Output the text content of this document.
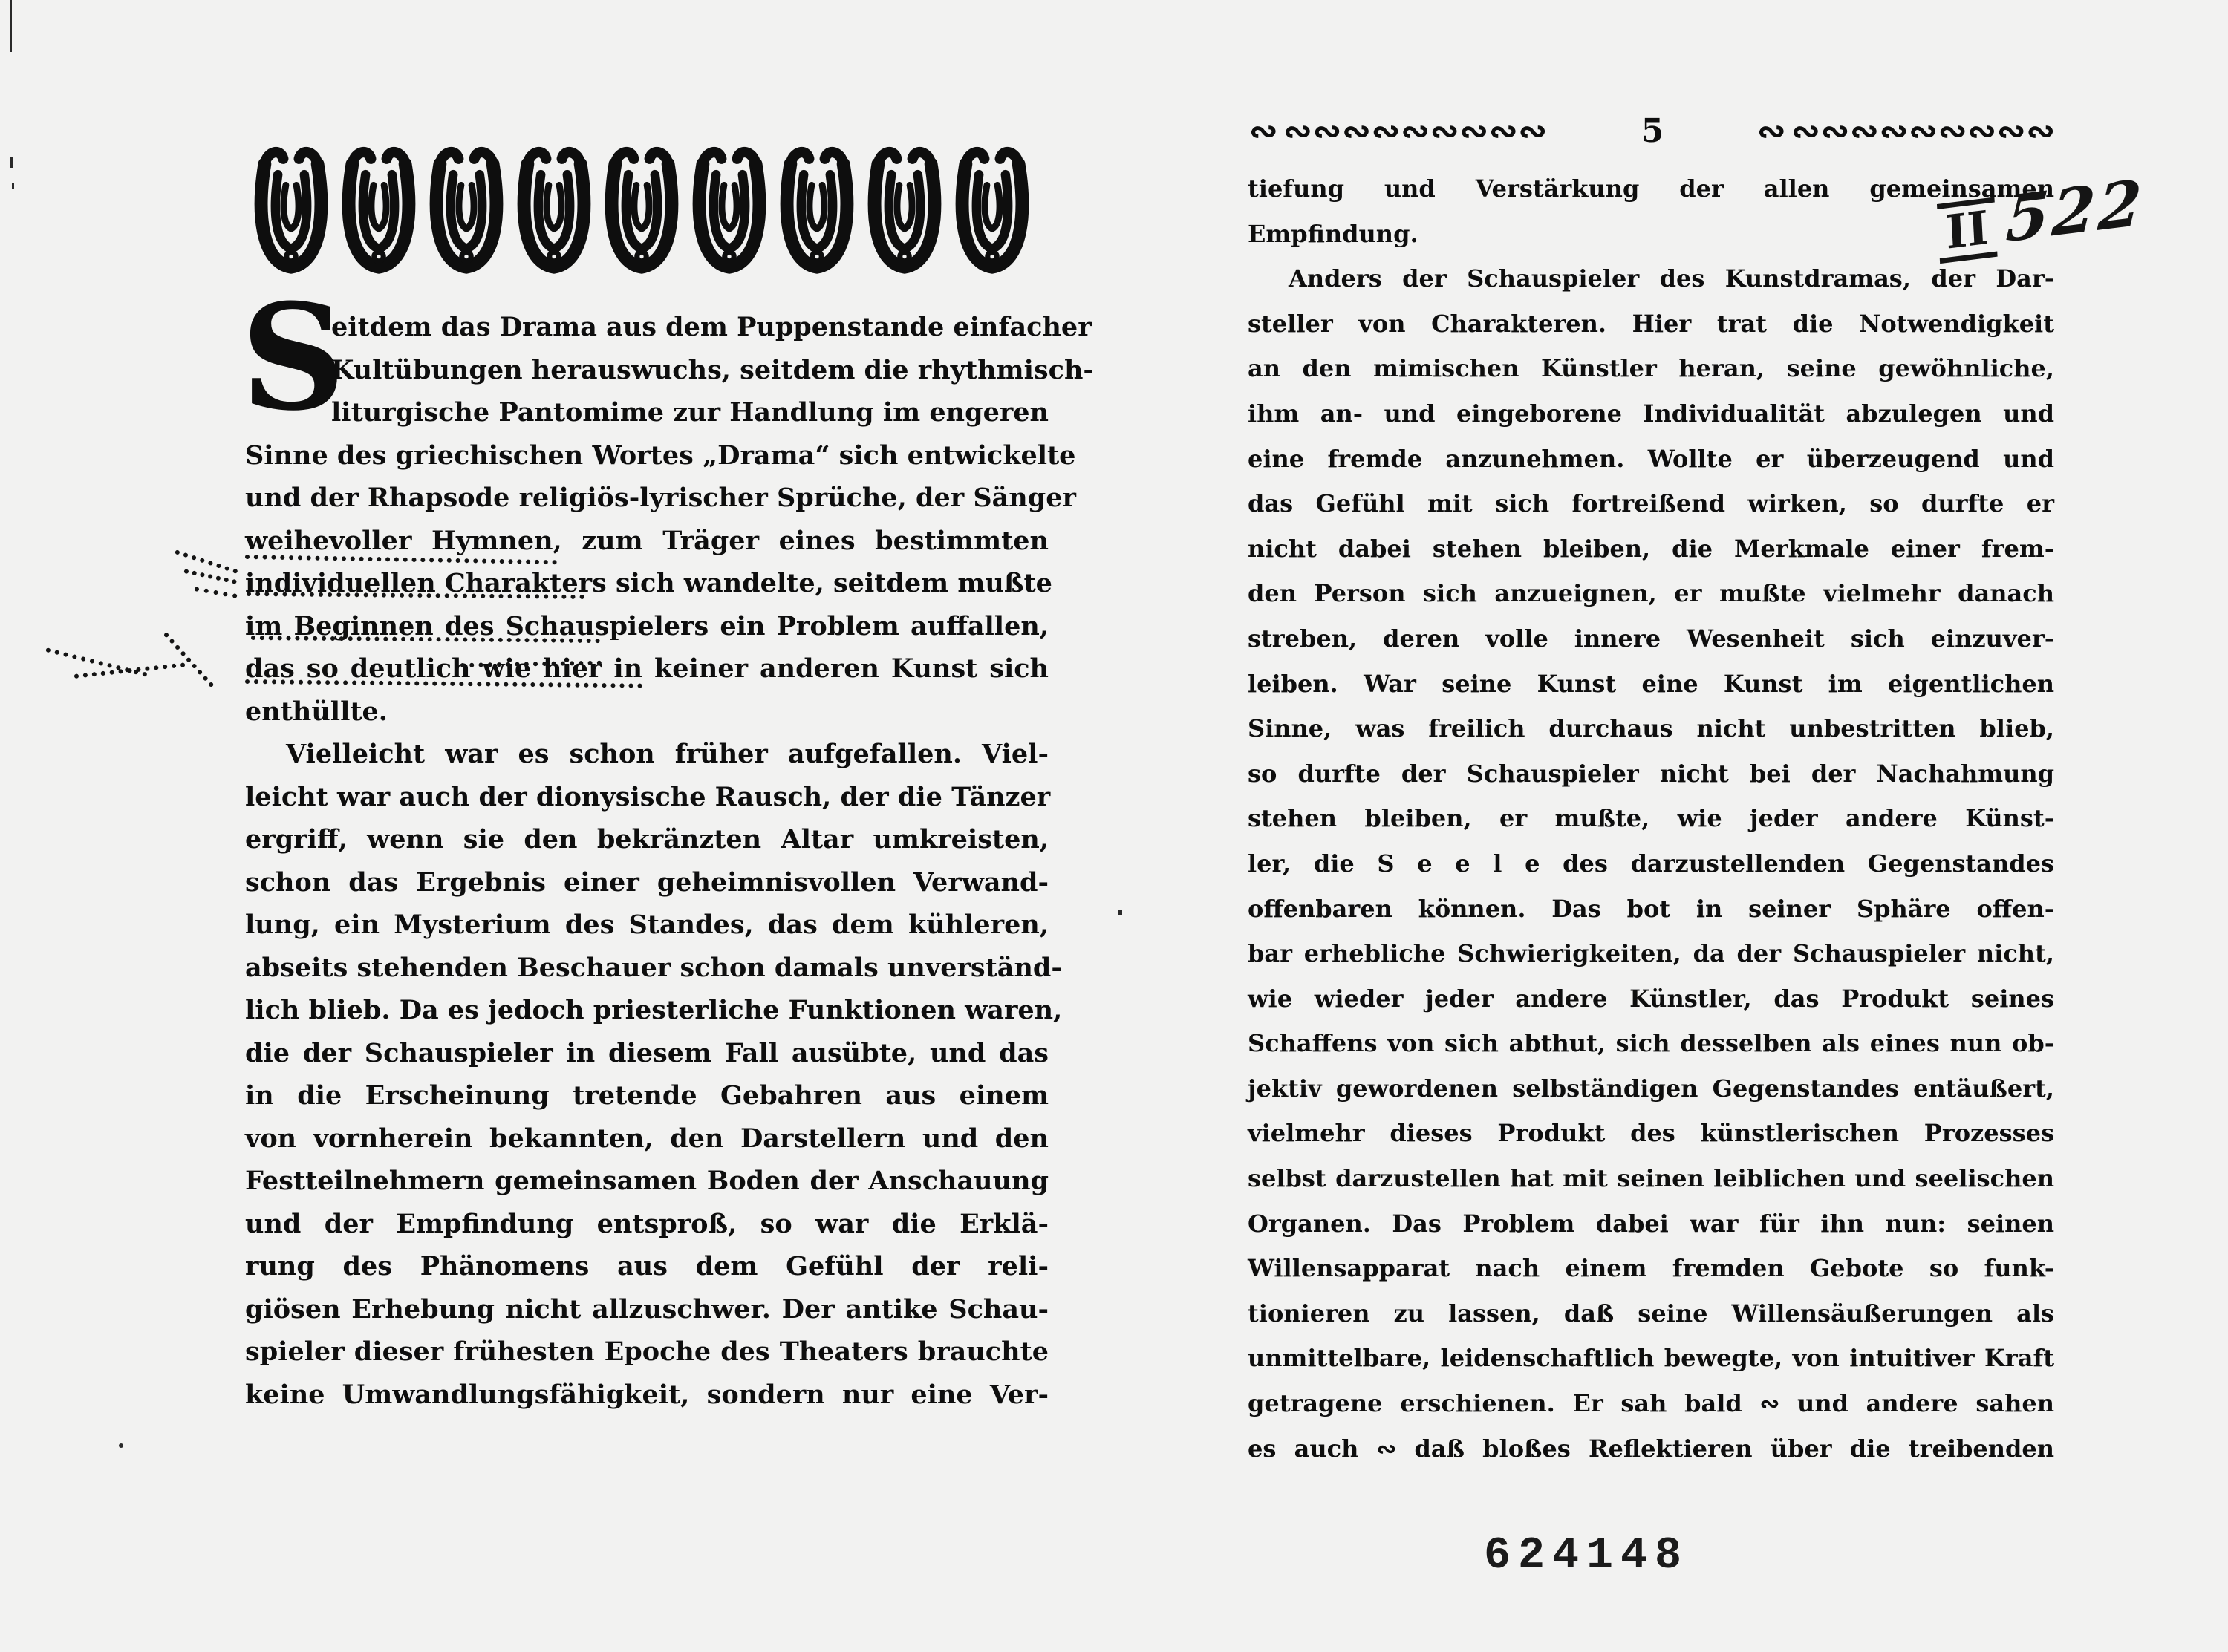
S
eitdem das Drama aus dem Puppenstande einfacher
Kultübungen herauswuchs, seitdem die rhythmisch-
liturgische Pantomime zur Handlung im engeren
Sinne des griechischen Wortes „Drama“ sich entwickelte
und der Rhapsode religiös-lyrischer Sprüche, der Sänger
weihevoller Hymnen, zum Träger eines bestimmten
individuellen Charakters sich wandelte, seitdem mußte
im Beginnen des Schauspielers ein Problem auffallen,
das so deutlich wie hier in keiner anderen Kunst sich
enthüllte.
Vielleicht war es schon früher aufgefallen. Viel-
leicht war auch der dionysische Rausch, der die Tänzer
ergriff, wenn sie den bekränzten Altar umkreisten,
schon das Ergebnis einer geheimnisvollen Verwand-
lung, ein Mysterium des Standes, das dem kühleren,
abseits stehenden Beschauer schon damals unverständ-
lich blieb. Da es jedoch priesterliche Funktionen waren,
die der Schauspieler in diesem Fall ausübte, und das
in die Erscheinung tretende Gebahren aus einem
von vornherein bekannten, den Darstellern und den
Festteilnehmern gemeinsamen Boden der Anschauung
und der Empfindung entsproß, so war die Erklä-
rung des Phänomens aus dem Gefühl der reli-
giösen Erhebung nicht allzuschwer. Der antike Schau-
spieler dieser frühesten Epoche des Theaters brauchte
keine Umwandlungsfähigkeit, sondern nur eine Ver-
∾ ∾∾∾∾∾∾∾∾∾	5	∾ ∾∾∾∾∾∾∾∾∾
tiefung und Verstärkung der allen gemeinsamen
Empfindung.
Anders der Schauspieler des Kunstdramas, der Dar-
steller von Charakteren. Hier trat die Notwendigkeit
an den mimischen Künstler heran, seine gewöhnliche,
ihm an- und eingeborene Individualität abzulegen und
eine fremde anzunehmen. Wollte er überzeugend und
das Gefühl mit sich fortreißend wirken, so durfte er
nicht dabei stehen bleiben, die Merkmale einer frem-
den Person sich anzueignen, er mußte vielmehr danach
streben, deren volle innere Wesenheit sich einzuver-
leiben. War seine Kunst eine Kunst im eigentlichen
Sinne, was freilich durchaus nicht unbestritten blieb,
so durfte der Schauspieler nicht bei der Nachahmung
stehen bleiben, er mußte, wie jeder andere Künst-
ler, die S e e l e des darzustellenden Gegenstandes
offenbaren können. Das bot in seiner Sphäre offen-
bar erhebliche Schwierigkeiten, da der Schauspieler nicht,
wie wieder jeder andere Künstler, das Produkt seines
Schaffens von sich abthut, sich desselben als eines nun ob-
jektiv gewordenen selbständigen Gegenstandes entäußert,
vielmehr dieses Produkt des künstlerischen Prozesses
selbst darzustellen hat mit seinen leiblichen und seelischen
Organen. Das Problem dabei war für ihn nun: seinen
Willensapparat nach einem fremden Gebote so funk-
tionieren zu lassen, daß seine Willensäußerungen als
unmittelbare, leidenschaftlich bewegte, von intuitiver Kraft
getragene erschienen. Er sah bald ∾ und andere sahen
es auch ∾ daß bloßes Reflektieren über die treibenden
II 522
624148
